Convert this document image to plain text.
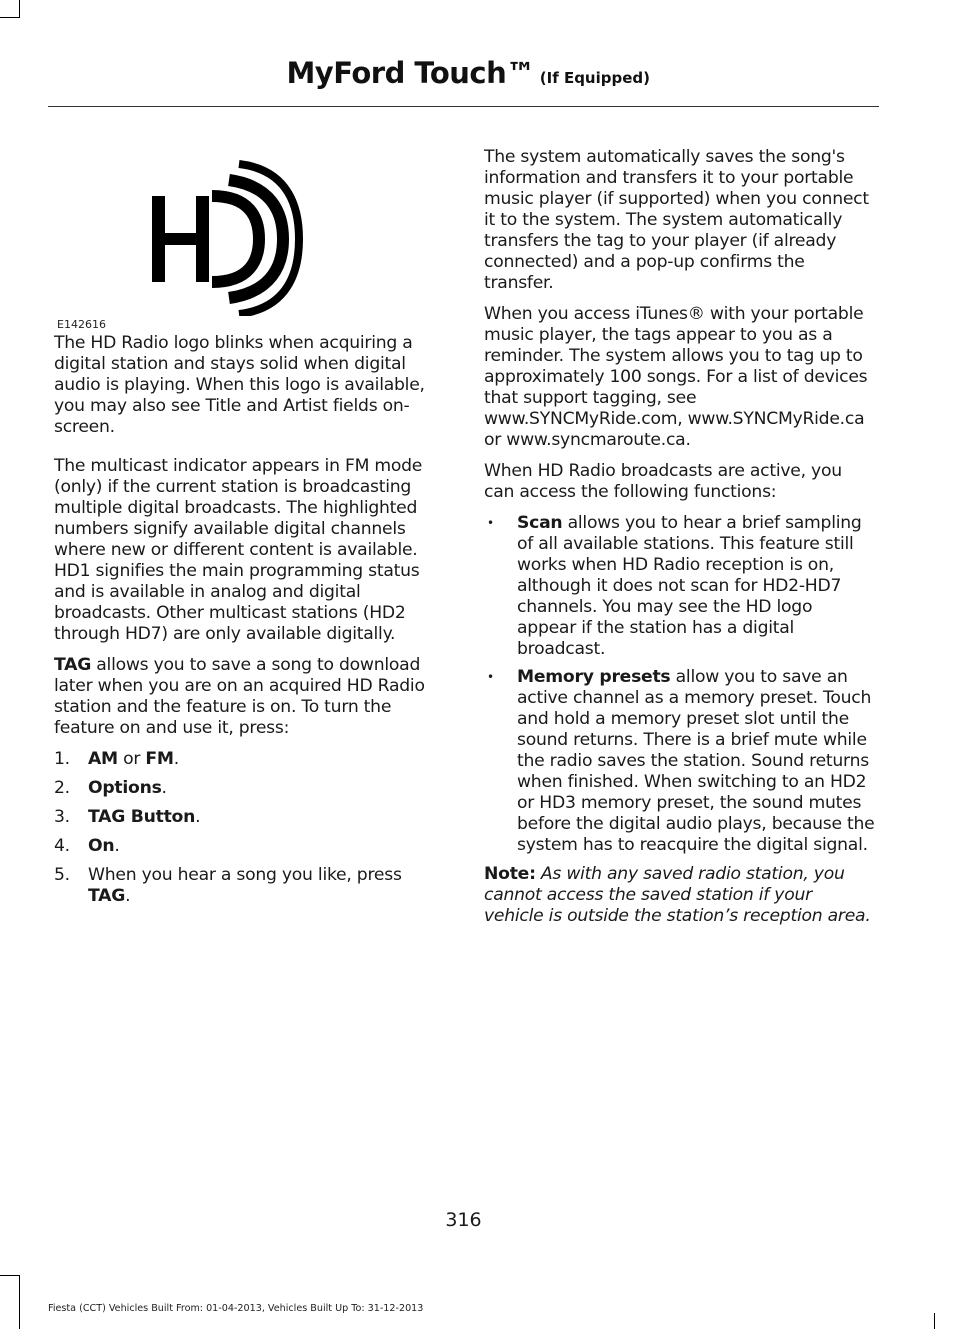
MyFord Touch™ (If Equipped)
E142616

The HD Radio logo blinks when acquiring a digital station and stays solid when digital audio is playing. When this logo is available, you may also see Title and Artist fields on-screen.

The multicast indicator appears in FM mode (only) if the current station is broadcasting multiple digital broadcasts. The highlighted numbers signify available digital channels where new or different content is available. HD1 signifies the main programming status and is available in analog and digital broadcasts. Other multicast stations (HD2 through HD7) are only available digitally.

TAG allows you to save a song to download later when you are on an acquired HD Radio station and the feature is on. To turn the feature on and use it, press:

1. AM or FM.
2. Options.
3. TAG Button.
4. On.
5. When you hear a song you like, press TAG.

The system automatically saves the song's information and transfers it to your portable music player (if supported) when you connect it to the system. The system automatically transfers the tag to your player (if already connected) and a pop-up confirms the transfer.

When you access iTunes® with your portable music player, the tags appear to you as a reminder. The system allows you to tag up to approximately 100 songs. For a list of devices that support tagging, see www.SYNCMyRide.com, www.SYNCMyRide.ca or www.syncmaroute.ca.

When HD Radio broadcasts are active, you can access the following functions:

• Scan allows you to hear a brief sampling of all available stations. This feature still works when HD Radio reception is on, although it does not scan for HD2-HD7 channels. You may see the HD logo appear if the station has a digital broadcast.
• Memory presets allow you to save an active channel as a memory preset. Touch and hold a memory preset slot until the sound returns. There is a brief mute while the radio saves the station. Sound returns when finished. When switching to an HD2 or HD3 memory preset, the sound mutes before the digital audio plays, because the system has to reacquire the digital signal.

Note: As with any saved radio station, you cannot access the saved station if your vehicle is outside the station’s reception area.

316
Fiesta (CCT) Vehicles Built From: 01-04-2013, Vehicles Built Up To: 31-12-2013
